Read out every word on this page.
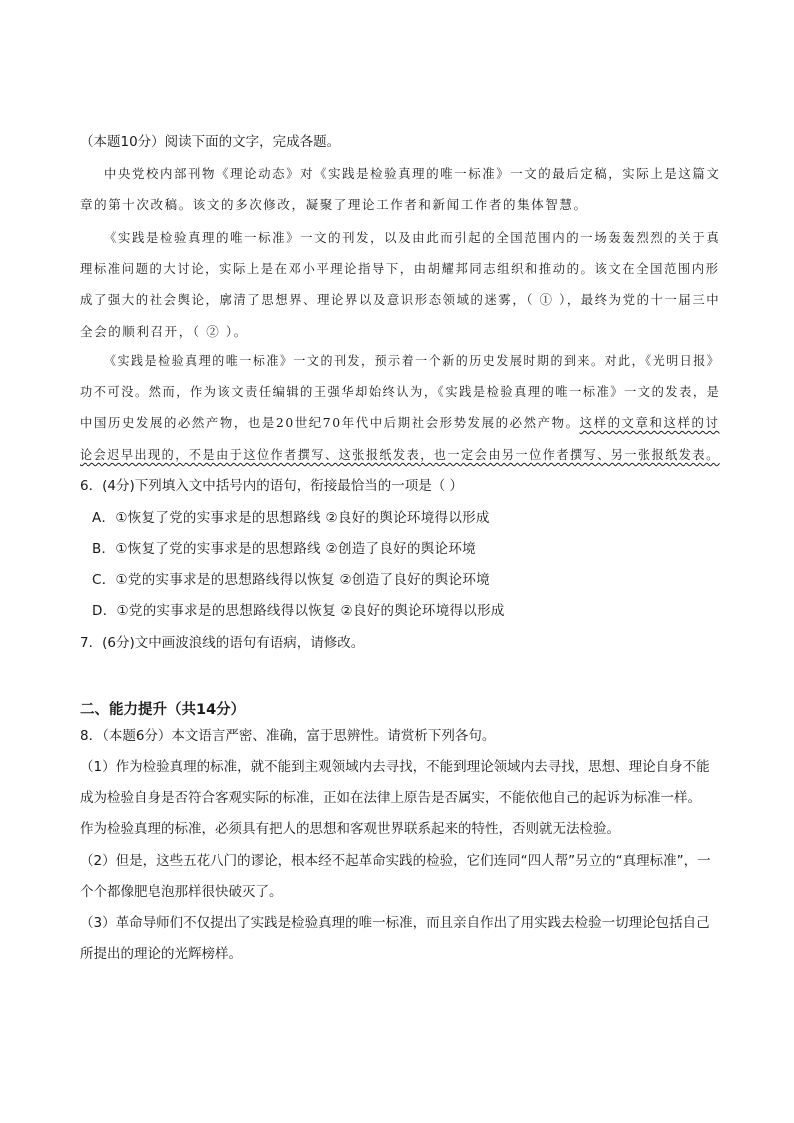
（本题10分）阅读下面的文字，完成各题。
中央党校内部刊物《理论动态》对《实践是检验真理的唯一标准》一文的最后定稿，实际上是这篇文
章的第十次改稿。该文的多次修改，凝聚了理论工作者和新闻工作者的集体智慧。
《实践是检验真理的唯一标准》一文的刊发，以及由此而引起的全国范围内的一场轰轰烈烈的关于真
理标准问题的大讨论，实际上是在邓小平理论指导下，由胡耀邦同志组织和推动的。该文在全国范围内形
成了强大的社会舆论，廓清了思想界、理论界以及意识形态领域的迷雾，（ ① ），最终为党的十一届三中
全会的顺利召开，（ ② ）。
《实践是检验真理的唯一标准》一文的刊发，预示着一个新的历史发展时期的到来。对此，《光明日报》
功不可没。然而，作为该文责任编辑的王强华却始终认为，《实践是检验真理的唯一标准》一文的发表，是
中国历史发展的必然产物，也是20世纪70年代中后期社会形势发展的必然产物。这样的文章和这样的讨
论会迟早出现的，不是由于这位作者撰写、这张报纸发表，也一定会由另一位作者撰写、另一张报纸发表。
6．(4分)下列填入文中括号内的语句，衔接最恰当的一项是（ ）
A．①恢复了党的实事求是的思想路线 ②良好的舆论环境得以形成
B．①恢复了党的实事求是的思想路线 ②创造了良好的舆论环境
C．①党的实事求是的思想路线得以恢复 ②创造了良好的舆论环境
D．①党的实事求是的思想路线得以恢复 ②良好的舆论环境得以形成
7．(6分)文中画波浪线的语句有语病，请修改。
二、能力提升（共14分）
8．（本题6分）本文语言严密、准确，富于思辨性。请赏析下列各句。
（1）作为检验真理的标准，就不能到主观领域内去寻找，不能到理论领域内去寻找，思想、理论自身不能
成为检验自身是否符合客观实际的标准，正如在法律上原告是否属实，不能依他自己的起诉为标准一样。
作为检验真理的标准，必须具有把人的思想和客观世界联系起来的特性，否则就无法检验。
（2）但是，这些五花八门的谬论，根本经不起革命实践的检验，它们连同“四人帮”另立的“真理标准”，一
个个都像肥皂泡那样很快破灭了。
（3）革命导师们不仅提出了实践是检验真理的唯一标准，而且亲自作出了用实践去检验一切理论包括自己
所提出的理论的光辉榜样。
